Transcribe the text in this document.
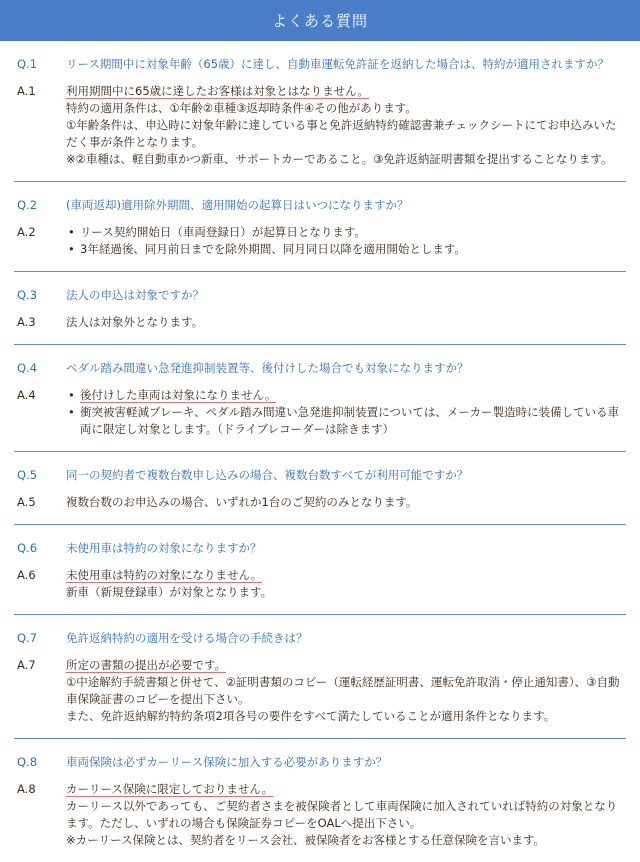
よくある質問
Q.1	リース期間中に対象年齢（65歳）に達し、自動車運転免許証を返納した場合は、特約が適用されますか？
A.1	利用期間中に65歳に達したお客様は対象とはなりません。
特約の適用条件は、①年齢②車種③返却時条件④その他があります。
①年齢条件は、申込時に対象年齢に達している事と免許返納特約確認書兼チェックシートにてお申込みいただく事が条件となります。
※②車種は、軽自動車かつ新車、サポートカーであること。③免許返納証明書類を提出することなります。
Q.2	(車両返却)適用除外期間、適用開始の起算日はいつになりますか？
A.2	• リース契約開始日（車両登録日）が起算日となります。
• 3年経過後、同月前日までを除外期間、同月同日以降を適用開始とします。
Q.3	法人の申込は対象ですか？
A.3	法人は対象外となります。
Q.4	ペダル踏み間違い急発進抑制装置等、後付けした場合でも対象になりますか？
A.4	• 後付けした車両は対象になりません。
• 衝突被害軽減ブレーキ、ペダル踏み間違い急発進抑制装置については、メーカー製造時に装備している車両に限定し対象とします。（ドライブレコーダーは除きます）
Q.5	同一の契約者で複数台数申し込みの場合、複数台数すべてが利用可能ですか？
A.5	複数台数のお申込みの場合、いずれか1台のご契約のみとなります。
Q.6	未使用車は特約の対象になりますか？
A.6	未使用車は特約の対象になりません。
新車（新規登録車）が対象となります。
Q.7	免許返納特約の適用を受ける場合の手続きは？
A.7	所定の書類の提出が必要です。
①中途解約手続書類と併せて、②証明書類のコピー（運転経歴証明書、運転免許取消・停止通知書）、③自動車保険証書のコピーを提出下さい。
また、免許返納解約特約条項2項各号の要件をすべて満たしていることが適用条件となります。
Q.8	車両保険は必ずカーリース保険に加入する必要がありますか？
A.8	カーリース保険に限定しておりません。
カーリース以外であっても、ご契約者さまを被保険者として車両保険に加入されていれば特約の対象となります。ただし、いずれの場合も保険証券コピーをOALへ提出下さい。
※カーリース保険とは、契約者をリース会社、被保険者をお客様とする任意保険を言います。
